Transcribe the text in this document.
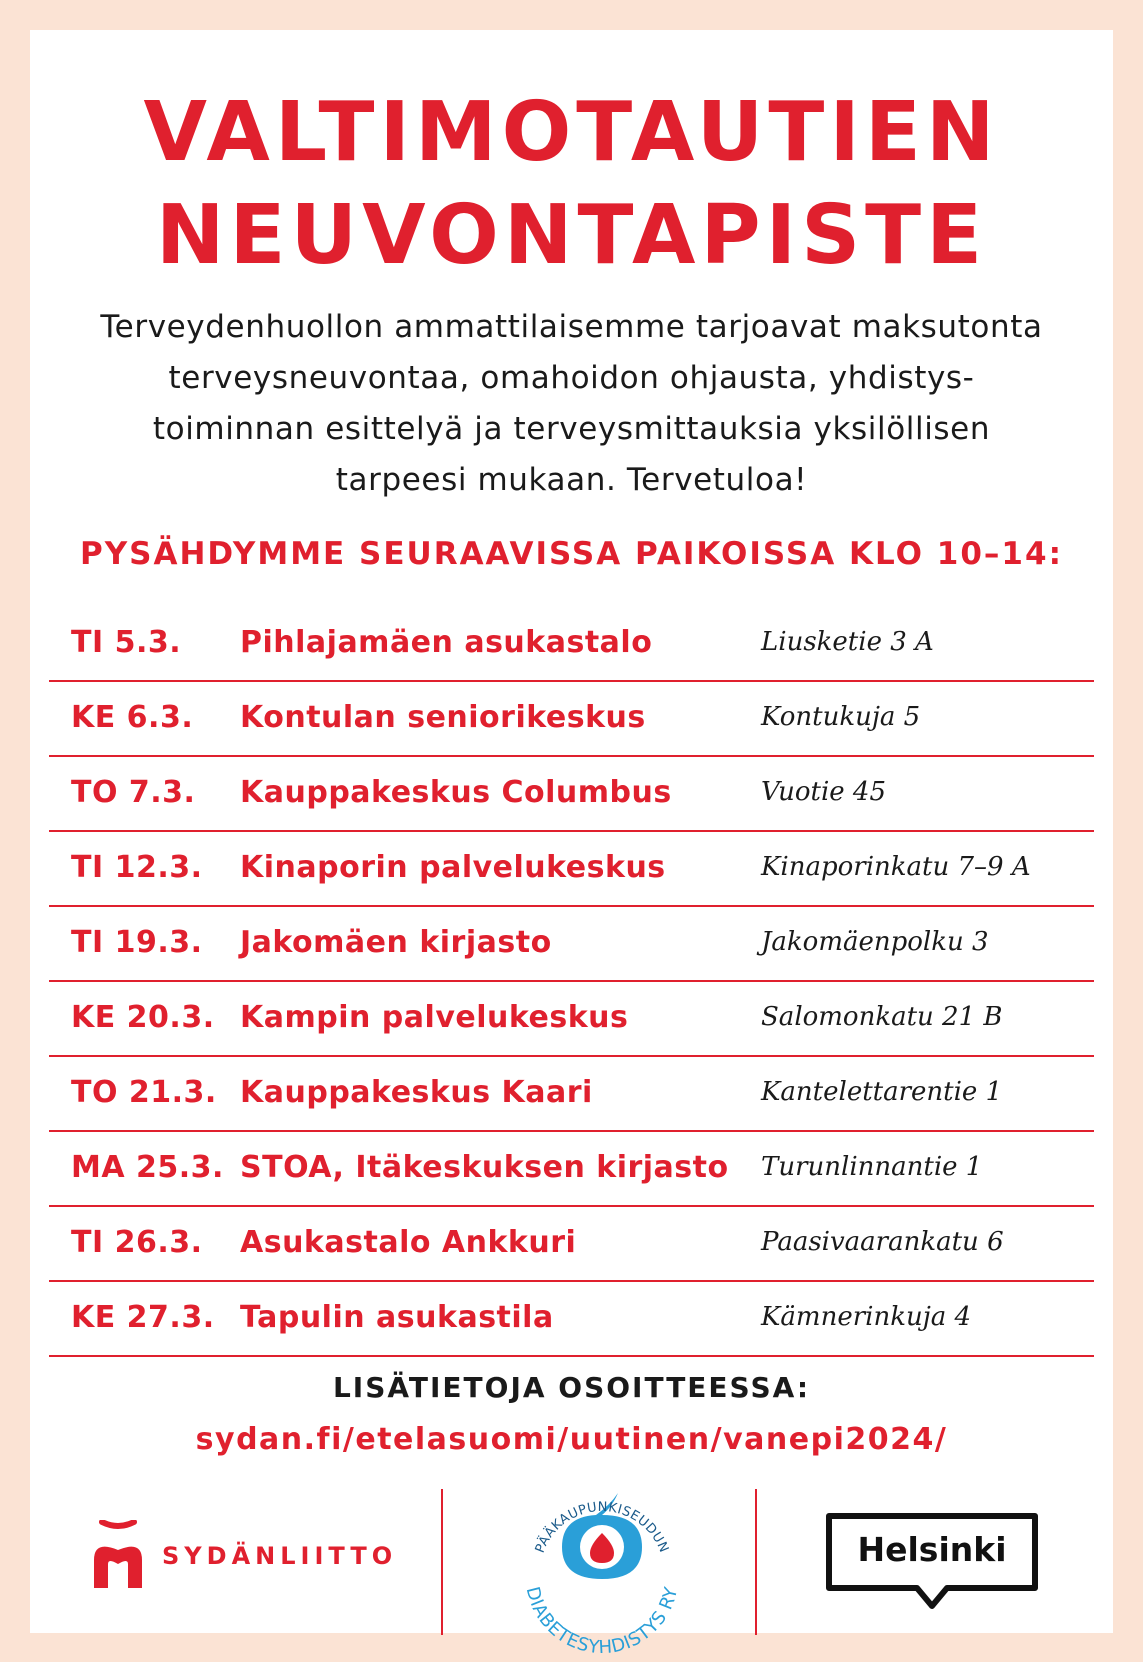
VALTIMOTAUTIEN
NEUVONTAPISTE

Terveydenhuollon ammattilaisemme tarjoavat maksutonta
terveysneuvontaa, omahoidon ohjausta, yhdistys-
toiminnan esittelyä ja terveysmittauksia yksilöllisen
tarpeesi mukaan. Tervetuloa!

PYSÄHDYMME SEURAAVISSA PAIKOISSA KLO 10–14:
TI 5.3. Pihlajamäen asukastalo	Liusketie 3 A
KE 6.3. Kontulan seniorikeskus	Kontukuja 5
TO 7.3. Kauppakeskus Columbus	Vuotie 45
TI 12.3. Kinaporin palvelukeskus	Kinaporinkatu 7–9 A
TI 19.3. Jakomäen kirjasto	Jakomäenpolku 3
KE 20.3. Kampin palvelukeskus	Salomonkatu 21 B
TO 21.3. Kauppakeskus Kaari	Kantelettarentie 1
MA 25.3. STOA, Itäkeskuksen kirjasto Turunlinnantie 1
TI 26.3. Asukastalo Ankkuri	Paasivaarankatu 6
KE 27.3. Tapulin asukastila	Kämnerinkuja 4
LISÄTIETOJA OSOITTEESSA:
sydan.fi/etelasuomi/uutinen/vanepi2024/
SYDÄNLIITTO	PÄÄKAUPUNKISEUDUN
DIABETESYHDISTYS RY
Helsinki
